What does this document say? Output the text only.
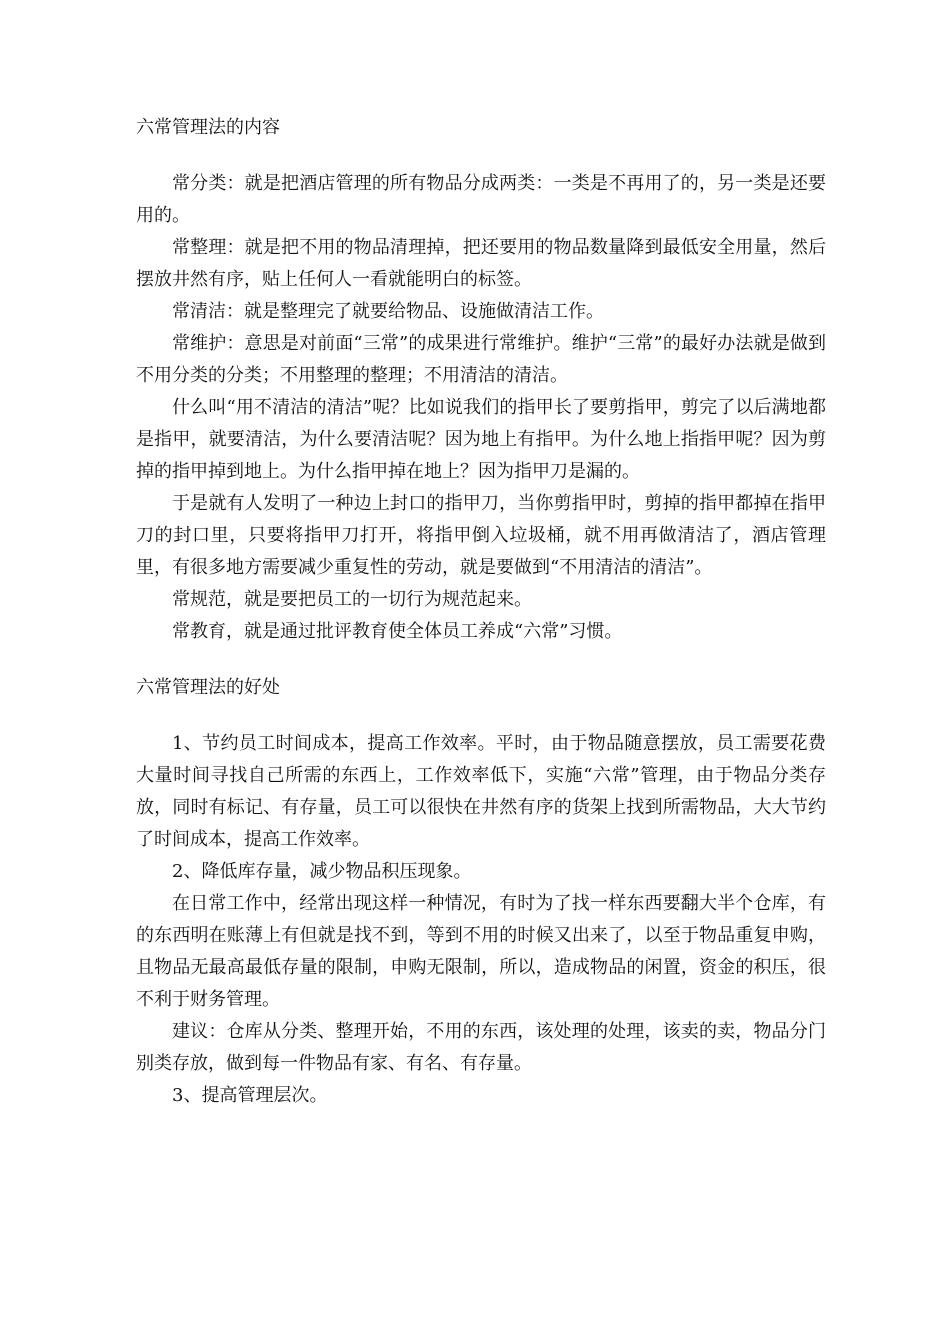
六常管理法的内容

常分类：就是把酒店管理的所有物品分成两类：一类是不再用了的，另一类是还要用的。

常整理：就是把不用的物品清理掉，把还要用的物品数量降到最低安全用量，然后摆放井然有序，贴上任何人一看就能明白的标签。

常清洁：就是整理完了就要给物品、设施做清洁工作。

常维护：意思是对前面“三常”的成果进行常维护。维护“三常”的最好办法就是做到不用分类的分类；不用整理的整理；不用清洁的清洁。

什么叫“用不清洁的清洁”呢？比如说我们的指甲长了要剪指甲，剪完了以后满地都是指甲，就要清洁，为什么要清洁呢？因为地上有指甲。为什么地上指指甲呢？因为剪掉的指甲掉到地上。为什么指甲掉在地上？因为指甲刀是漏的。

于是就有人发明了一种边上封口的指甲刀，当你剪指甲时，剪掉的指甲都掉在指甲刀的封口里，只要将指甲刀打开，将指甲倒入垃圾桶，就不用再做清洁了，酒店管理里，有很多地方需要减少重复性的劳动，就是要做到“不用清洁的清洁”。

常规范，就是要把员工的一切行为规范起来。

常教育，就是通过批评教育使全体员工养成“六常”习惯。

六常管理法的好处

1、节约员工时间成本，提高工作效率。平时，由于物品随意摆放，员工需要花费大量时间寻找自己所需的东西上，工作效率低下，实施“六常”管理，由于物品分类存放，同时有标记、有存量，员工可以很快在井然有序的货架上找到所需物品，大大节约了时间成本，提高工作效率。

2、降低库存量，减少物品积压现象。

在日常工作中，经常出现这样一种情况，有时为了找一样东西要翻大半个仓库，有的东西明在账薄上有但就是找不到，等到不用的时候又出来了，以至于物品重复申购，且物品无最高最低存量的限制，申购无限制，所以，造成物品的闲置，资金的积压，很不利于财务管理。

建议：仓库从分类、整理开始，不用的东西，该处理的处理，该卖的卖，物品分门别类存放，做到每一件物品有家、有名、有存量。

3、提高管理层次。
